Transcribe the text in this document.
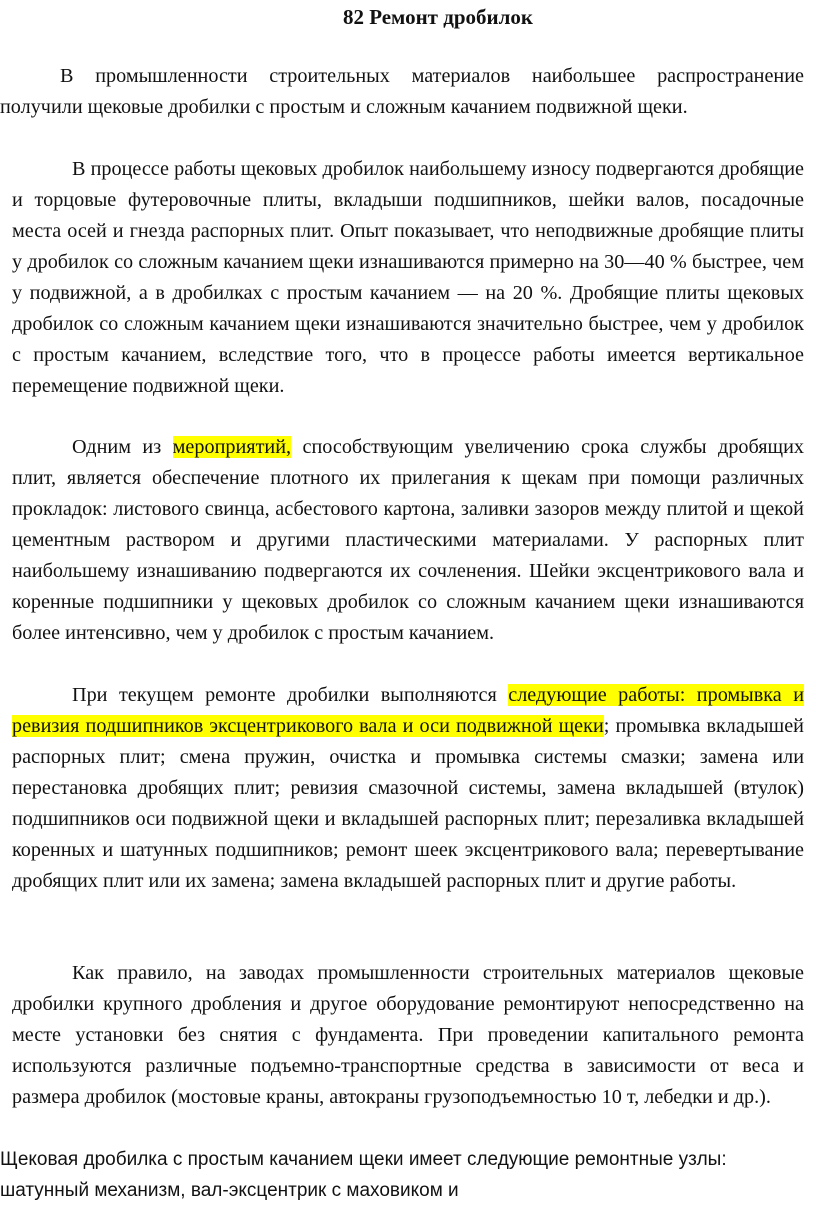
82 Ремонт дробилок

В промышленности строительных материалов наибольшее распространение получили щековые дробилки с простым и сложным качанием подвижной щеки.

В процессе работы щековых дробилок наибольшему износу подвергаются дробящие и торцовые футеровочные плиты, вкладыши подшипников, шейки валов, посадочные места осей и гнезда распорных плит. Опыт показывает, что неподвижные дробящие плиты у дробилок со сложным качанием щеки изнашиваются примерно на 30—40 % быстрее, чем у подвижной, а в дробилках с простым качанием — на 20 %. Дробящие плиты щековых дробилок со сложным качанием щеки изнашиваются значительно быстрее, чем у дробилок с простым качанием, вследствие того, что в процессе работы имеется вертикальное перемещение подвижной щеки.

Одним из мероприятий, способствующим увеличению срока службы дробящих плит, является обеспечение плотного их прилегания к щекам при помощи различных прокладок: листового свинца, асбестового картона, заливки зазоров между плитой и щекой цементным раствором и другими пластическими материалами. У распорных плит наибольшему изнашиванию подвергаются их сочленения. Шейки эксцентрикового вала и коренные подшипники у щековых дробилок со сложным качанием щеки изнашиваются более интенсивно, чем у дробилок с простым качанием.

При текущем ремонте дробилки выполняются следующие работы: промывка и ревизия подшипников эксцентрикового вала и оси подвижной щеки; промывка вкладышей распорных плит; смена пружин, очистка и промывка системы смазки; замена или перестановка дробящих плит; ревизия смазочной системы, замена вкладышей (втулок) подшипников оси подвижной щеки и вкладышей распорных плит; перезаливка вкладышей коренных и шатунных подшипников; ремонт шеек эксцентрикового вала; перевертывание дробящих плит или их замена; замена вкладышей распорных плит и другие работы.

Как правило, на заводах промышленности строительных материалов щековые дробилки крупного дробления и другое оборудование ремонтируют непосредственно на месте установки без снятия с фундамента. При проведении капитального ремонта используются различные подъемно-транспортные средства в зависимости от веса и размера дробилок (мостовые краны, автокраны грузоподъемностью 10 т, лебедки и др.).

Щековая дробилка с простым качанием щеки имеет следующие ремонтные узлы: шатунный механизм, вал-эксцентрик с маховиком и
